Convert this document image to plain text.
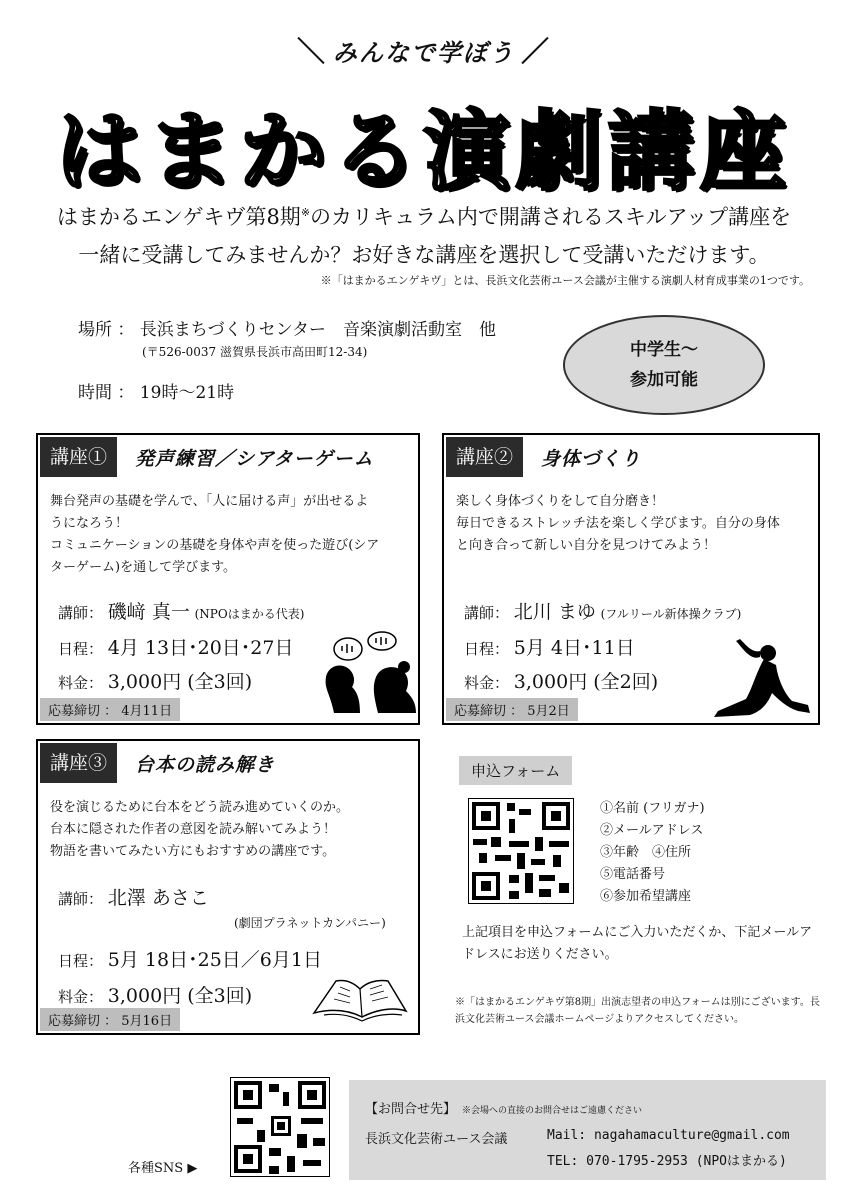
＼ みんなで学ぼう ／
はまかる演劇講座
はまかるエンゲキヴ第8期※のカリキュラム内で開講されるスキルアップ講座を
一緒に受講してみませんか？お好きな講座を選択して受講いただけます。
※「はまかるエンゲキヴ」とは、長浜文化芸術ユース会議が主催する演劇人材育成事業の1つです。
場所 ： 長浜まちづくりセンター　音楽演劇活動室　他
(〒526-0037 滋賀県長浜市高田町12-34)
時間 ： 19時〜21時
中学生〜
参加可能
講座①	発声練習／シアターゲーム
舞台発声の基礎を学んで、「人に届ける声」が出せるよ
うになろう！
コミュニケーションの基礎を身体や声を使った遊び(シア
ターゲーム)を通して学びます。
講師： 磯﨑 真一 (NPOはまかる代表)
日程： 4月 13日･20日･27日
料金： 3,000円 (全3回)
応募締切 ： 4月11日
講座②	身体づくり
楽しく身体づくりをして自分磨き！
毎日できるストレッチ法を楽しく学びます。自分の身体
と向き合って新しい自分を見つけてみよう！
講師： 北川 まゆ (フルリール新体操クラブ)
日程： 5月 4日･11日
料金： 3,000円 (全2回)
応募締切 ： 5月2日
講座③	台本の読み解き
役を演じるために台本をどう読み進めていくのか。
台本に隠された作者の意図を読み解いてみよう！
物語を書いてみたい方にもおすすめの講座です。
講師： 北澤 あさこ
(劇団プラネットカンパニー)
日程： 5月 18日･25日／6月1日
料金： 3,000円 (全3回)
応募締切 ： 5月16日
申込フォーム
①名前 (フリガナ)
②メールアドレス
③年齢　④住所
⑤電話番号
⑥参加希望講座
上記項目を申込フォームにご入力いただくか、下記メールアドレスにお送りください。
※「はまかるエンゲキヴ第8期」出演志望者の申込フォームは別にございます。長浜文化芸術ユース会議ホームページよりアクセスしてください。
各種SNS ▶
【お問合せ先】 ※会場への直接のお問合せはご遠慮ください
長浜文化芸術ユース会議	Mail: nagahamaculture@gmail.com
TEL: 070-1795-2953 (NPOはまかる)
